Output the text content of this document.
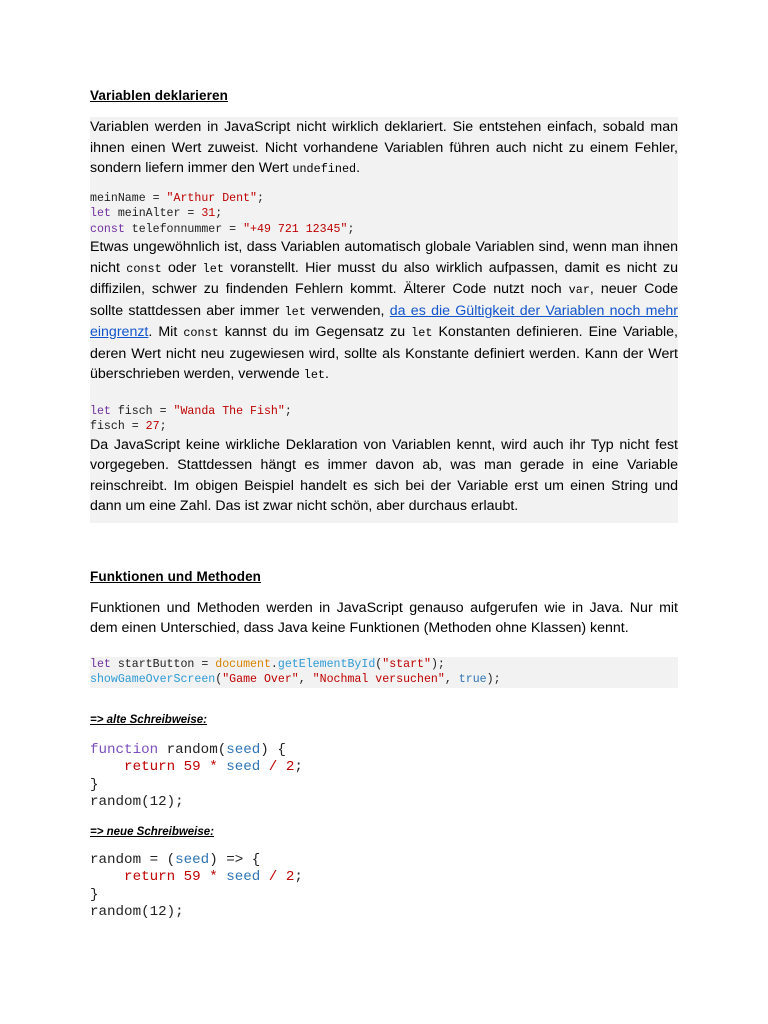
Variablen deklarieren

Variablen werden in JavaScript nicht wirklich deklariert. Sie entstehen einfach, sobald man ihnen einen Wert zuweist. Nicht vorhandene Variablen führen auch nicht zu einem Fehler, sondern liefern immer den Wert undefined.

meinName = "Arthur Dent";
let meinAlter = 31;
const telefonnummer = "+49 721 12345";

Etwas ungewöhnlich ist, dass Variablen automatisch globale Variablen sind, wenn man ihnen nicht const oder let voranstellt. Hier musst du also wirklich aufpassen, damit es nicht zu diffizilen, schwer zu findenden Fehlern kommt. Älterer Code nutzt noch var, neuer Code sollte stattdessen aber immer let verwenden, da es die Gültigkeit der Variablen noch mehr eingrenzt. Mit const kannst du im Gegensatz zu let Konstanten definieren. Eine Variable, deren Wert nicht neu zugewiesen wird, sollte als Konstante definiert werden. Kann der Wert überschrieben werden, verwende let.

let fisch = "Wanda The Fish";
fisch = 27;

Da JavaScript keine wirkliche Deklaration von Variablen kennt, wird auch ihr Typ nicht fest vorgegeben. Stattdessen hängt es immer davon ab, was man gerade in eine Variable reinschreibt. Im obigen Beispiel handelt es sich bei der Variable erst um einen String und dann um eine Zahl. Das ist zwar nicht schön, aber durchaus erlaubt.

Funktionen und Methoden

Funktionen und Methoden werden in JavaScript genauso aufgerufen wie in Java. Nur mit dem einen Unterschied, dass Java keine Funktionen (Methoden ohne Klassen) kennt.

let startButton = document.getElementById("start");
showGameOverScreen("Game Over", "Nochmal versuchen", true);

=> alte Schreibweise:

function random(seed) {
return 59 * seed / 2;
}
random(12);

=> neue Schreibweise:

random = (seed) => {
return 59 * seed / 2;
}
random(12);
